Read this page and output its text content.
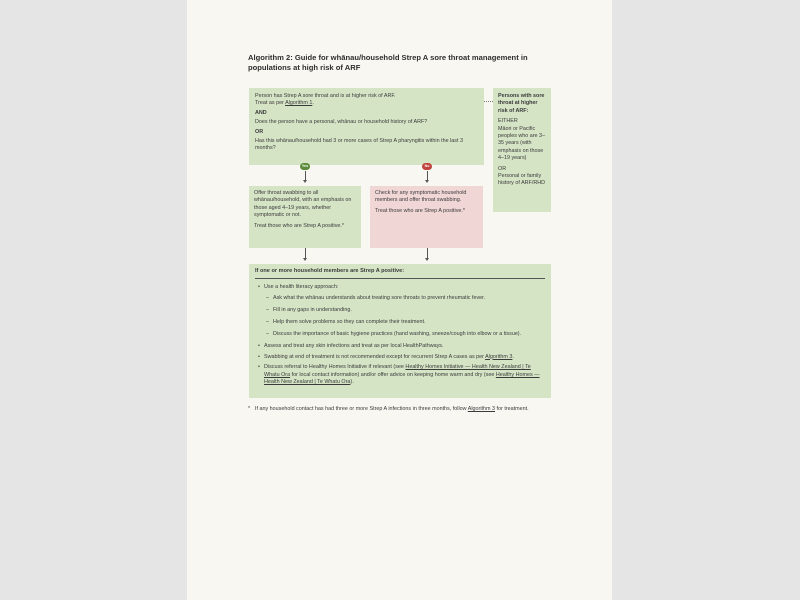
Algorithm 2: Guide for whānau/household Strep A sore throat management in populations at high risk of ARF

Person has Strep A sore throat and is at higher risk of ARF.

Treat as per Algorithm 1.

AND

Does the person have a personal, whānau or household history of ARF?

OR

Has this whānau/household had 3 or more cases of Strep A pharyngitis within the last 3 months?

Persons with sore throat at higher risk of ARF:

EITHER

Māori or Pacific peoples who are 3–35 years (with emphasis on those 4–19 years)

OR

Personal or family history of ARF/RHD

Yes	No

Offer throat swabbing to all whānau/household, with an emphasis on those aged 4–19 years, whether symptomatic or not.

Treat those who are Strep A positive.*

Check for any symptomatic household members and offer throat swabbing.

Treat those who are Strep A positive.*

If one or more household members are Strep A positive:

• Use a health literacy approach:
– Ask what the whānau understands about treating sore throats to prevent rheumatic fever.
– Fill in any gaps in understanding.
– Help them solve problems so they can complete their treatment.
– Discuss the importance of basic hygiene practices (hand washing, sneeze/cough into elbow or a tissue).
• Assess and treat any skin infections and treat as per local HealthPathways.
• Swabbing at end of treatment is not recommended except for recurrent Strep A cases as per Algorithm 3.
• Discuss referral to Healthy Homes Initiative if relevant (see Healthy Homes Initiative — Health New Zealand | Te Whatu Ora for local contact information) and/or offer advice on keeping home warm and dry (see Healthy Homes — Health New Zealand | Te Whatu Ora).
* If any household contact has had three or more Strep A infections in three months, follow Algorithm 3 for treatment.
